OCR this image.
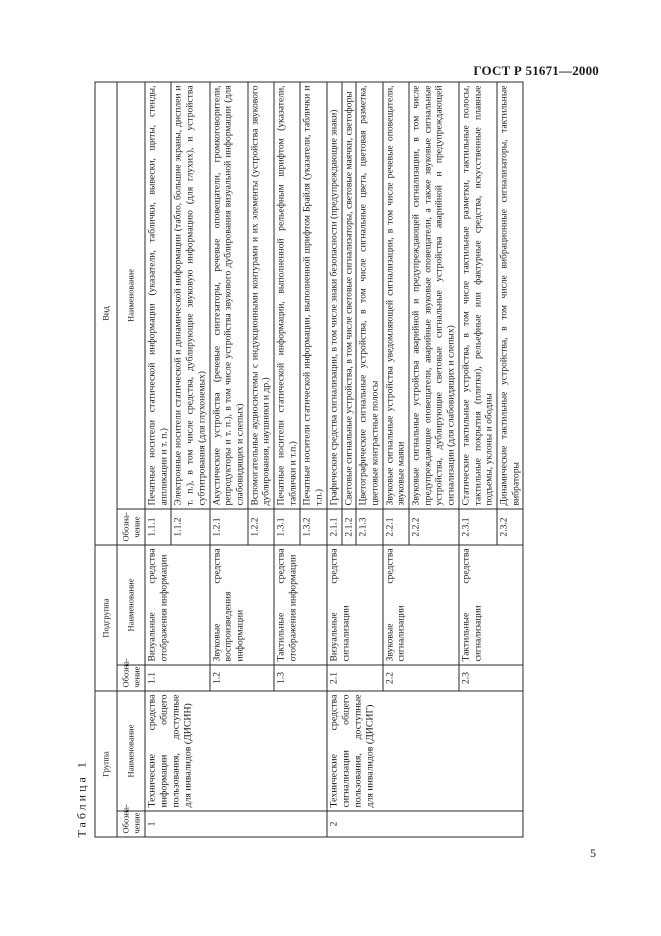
ГОСТ Р 51671—2000
Таблица 1 Группа		Подгруппа		Вид	
Обозна-чение	Наименование	Обозна-чение	Наименование	Обозна-чение	Наименование
1	Технические средства информации общего пользования, доступные для инвалидов (ДИСИН)	1.1	Визуальные средства отображения информации	1.1.1	Печатные носители статической информации (указатели, таблички, вывески, щиты, стенды, аппликации и т. п.)
				1.1.2	Электронные носители статической и динамической информации (табло, большие экраны, дисплеи и т. п.), в том числе средства, дублирующие звуковую информацию (для глухих), и устройства субтитрования (для глухонемых)
		1.2	Звуковые средства воспроизведения информации	1.2.1	Акустические устройства (речевые синтезаторы, речевые оповещатели, громкоговорители, репродукторы и т. п.), в том числе устройства звукового дублирования визуальной информации (для слабовидящих и слепых)
				1.2.2	Вспомогательные аудиосистемы с индукционными контурами и их элементы (устройства звукового дублирования, наушники и др.)
		1.3	Тактильные средства отображения информации	1.3.1	Печатные носители статической информации, выполненной рельефным шрифтом (указатели, таблички и т.п.)
				1.3.2	Печатные носители статической информации, выполненной шрифтом Брайля (указатели, таблички и т.п.)
2	Технические средства сигнализации общего пользования, доступные для инвалидов (ДИСИГ)	2.1	Визуальные средства сигнализации	2.1.1	Графические средства сигнализации, в том числе знаки безопасности (предупреждающие знаки)
				2.1.2	Световые сигнальные устройства, в том числе световые сигнализаторы, световые маячки, светофоры
				2.1.3	Цветографические сигнальные устройства, в том числе сигнальные цвета, цветовая разметка, цветовые контрастные полосы
		2.2	Звуковые средства сигнализации	2.2.1	Звуковые сигнальные устройства уведомляющей сигнализации, в том числе речевые оповещатели, звуковые маяки
				2.2.2	Звуковые сигнальные устройства аварийной и предупреждающей сигнализации, в том числе предупреждающие оповещатели, аварийные звуковые оповещатели, а также звуковые сигнальные устройства, дублирующие световые сигнальные устройства аварийной и предупреждающей сигнализации (для слабовидящих и слепых)
		2.3	Тактильные средства сигнализации	2.3.1	Статические тактильные устройства, в том числе тактильные разметки, тактильные полосы, тактильные покрытия (плитки), рельефные или фактурные средства, искусственные плавные подъемы, уклоны и ободны
				2.3.2	Динамические тактильные устройства, в том числе вибрационные сигнализаторы, тактильные вибраторы
5
